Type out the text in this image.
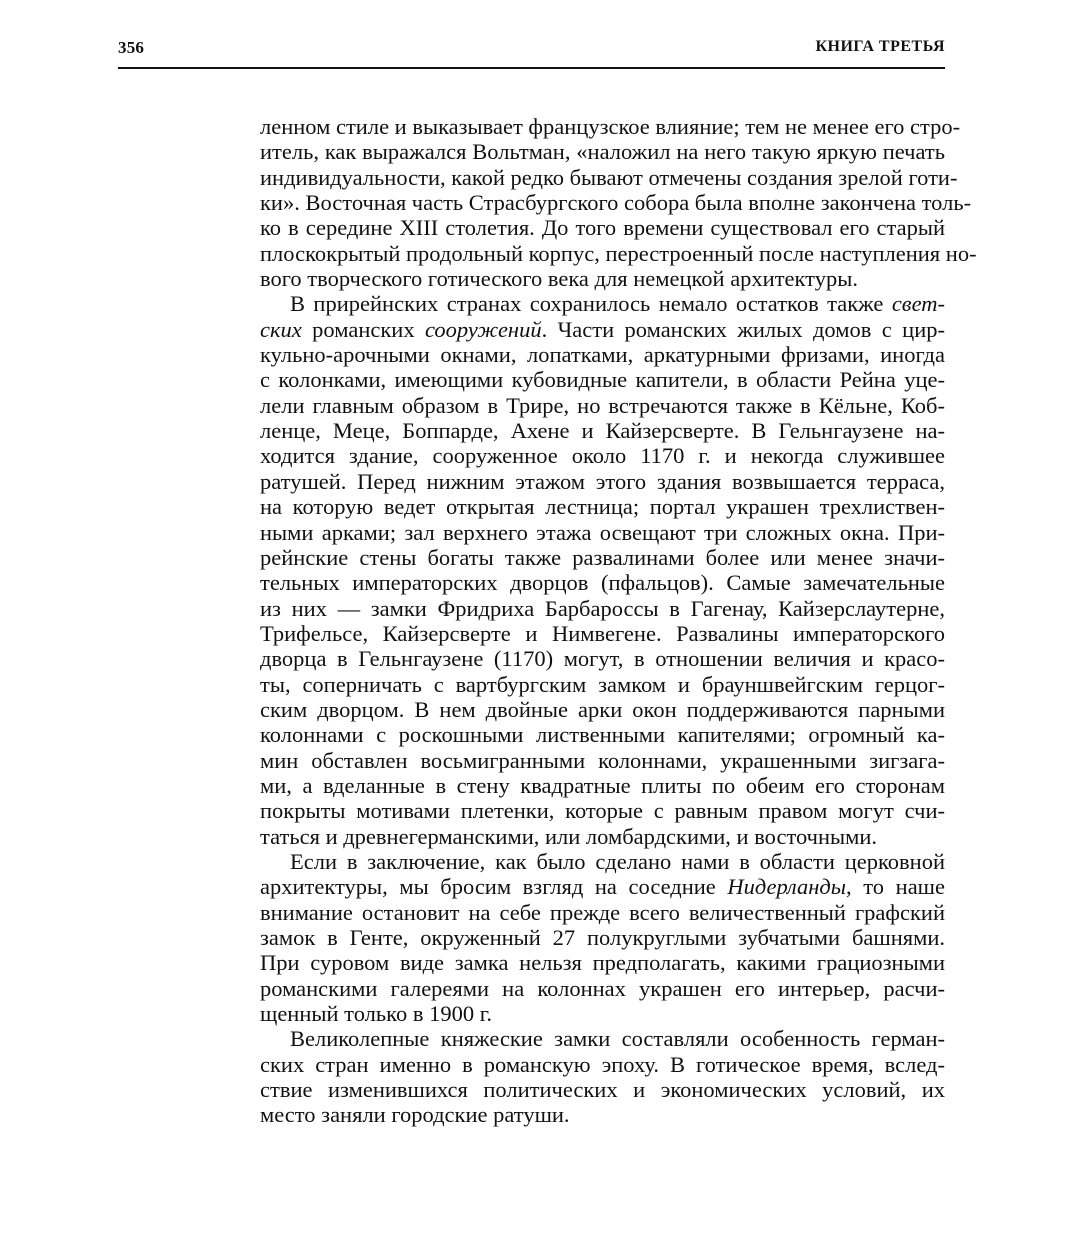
356	КНИГА ТРЕТЬЯ
ленном стиле и выказывает французское влияние; тем не менее его стро-
итель, как выражался Вольтман, «наложил на него такую яркую печать
индивидуальности, какой редко бывают отмечены создания зрелой готи-
ки». Восточная часть Страсбургского собора была вполне закончена толь-
ко в середине XIII столетия. До того времени существовал его старый
плоскокрытый продольный корпус, перестроенный после наступления но-
вого творческого готического века для немецкой архитектуры.
В прирейнских странах сохранилось немало остатков также свет-
ских романских сооружений. Части романских жилых домов с цир-
кульно-арочными окнами, лопатками, аркатурными фризами, иногда
с колонками, имеющими кубовидные капители, в области Рейна уце-
лели главным образом в Трире, но встречаются также в Кёльне, Коб-
ленце, Меце, Боппарде, Ахене и Кайзерсверте. В Гельнгаузене на-
ходится здание, сооруженное около 1170 г. и некогда служившее
ратушей. Перед нижним этажом этого здания возвышается терраса,
на которую ведет открытая лестница; портал украшен трехлиствен-
ными арками; зал верхнего этажа освещают три сложных окна. При-
рейнские стены богаты также развалинами более или менее значи-
тельных императорских дворцов (пфальцов). Самые замечательные
из них — замки Фридриха Барбароссы в Гагенау, Кайзерслаутерне,
Трифельсе, Кайзерсверте и Нимвегене. Развалины императорского
дворца в Гельнгаузене (1170) могут, в отношении величия и красо-
ты, соперничать с вартбургским замком и брауншвейгским герцог-
ским дворцом. В нем двойные арки окон поддерживаются парными
колоннами с роскошными лиственными капителями; огромный ка-
мин обставлен восьмигранными колоннами, украшенными зигзага-
ми, а вделанные в стену квадратные плиты по обеим его сторонам
покрыты мотивами плетенки, которые с равным правом могут счи-
таться и древнегерманскими, или ломбардскими, и восточными.
Если в заключение, как было сделано нами в области церковной
архитектуры, мы бросим взгляд на соседние Нидерланды, то наше
внимание остановит на себе прежде всего величественный графский
замок в Генте, окруженный 27 полукруглыми зубчатыми башнями.
При суровом виде замка нельзя предполагать, какими грациозными
романскими галереями на колоннах украшен его интерьер, расчи-
щенный только в 1900 г.
Великолепные княжеские замки составляли особенность герман-
ских стран именно в романскую эпоху. В готическое время, вслед-
ствие изменившихся политических и экономических условий, их
место заняли городские ратуши.
